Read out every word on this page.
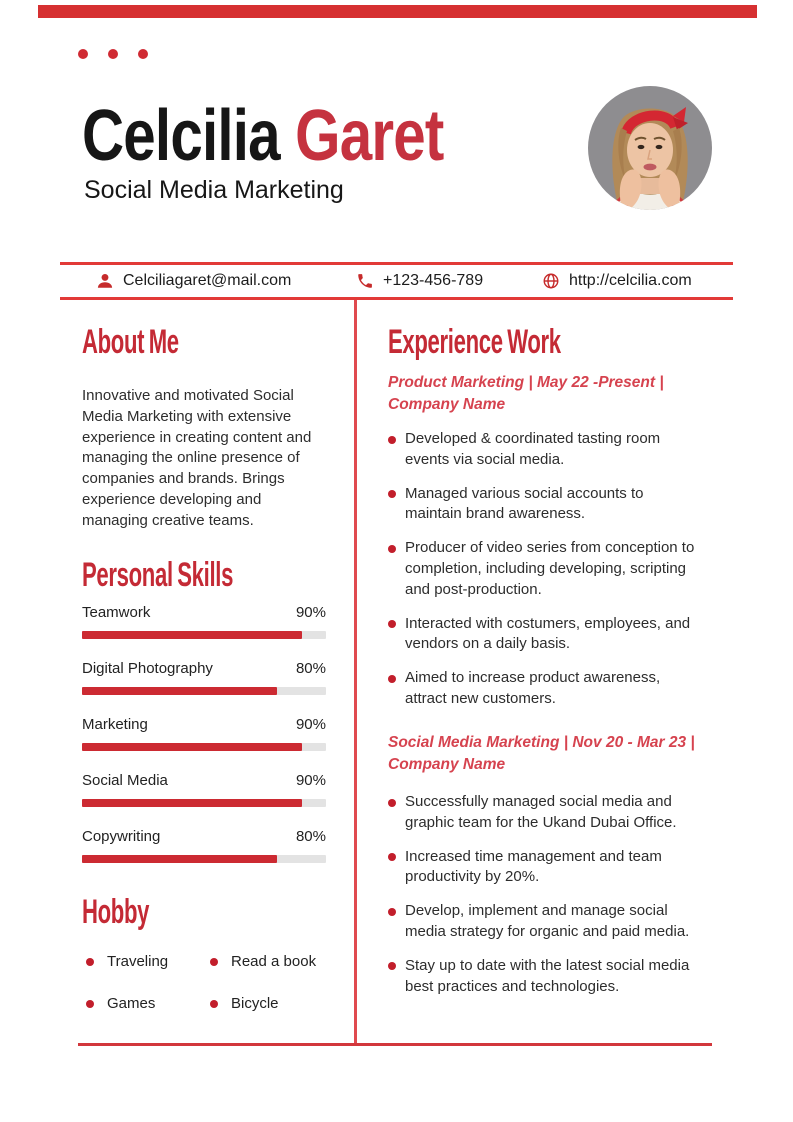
Celcilia Garet

Social Media Marketing

Celciliagaret@mail.com	+123-456-789	http://celcilia.com
About Me

Innovative and motivated Social Media Marketing with extensive experience in creating content and managing the online presence of companies and brands. Brings experience developing and managing creative teams.

Personal Skills
Teamwork	90%
Digital Photography	80%
Marketing	90%
Social Media	90%
Copywriting	80%
Hobby
Traveling	Read a book
Games	Bicycle
Experience Work

Product Marketing | May 22 -Present |
Company Name

Developed & coordinated tasting room events via social media.
Managed various social accounts to maintain brand awareness.
Producer of video series from conception to completion, including developing, scripting and post-production.
Interacted with costumers, employees, and vendors on a daily basis.
Aimed to increase product awareness, attract new customers.

Social Media Marketing | Nov 20 - Mar 23 |
Company Name

Successfully managed social media and graphic team for the Ukand Dubai Office.
Increased time management and team productivity by 20%.
Develop, implement and manage social media strategy for organic and paid media.
Stay up to date with the latest social media best practices and technologies.
